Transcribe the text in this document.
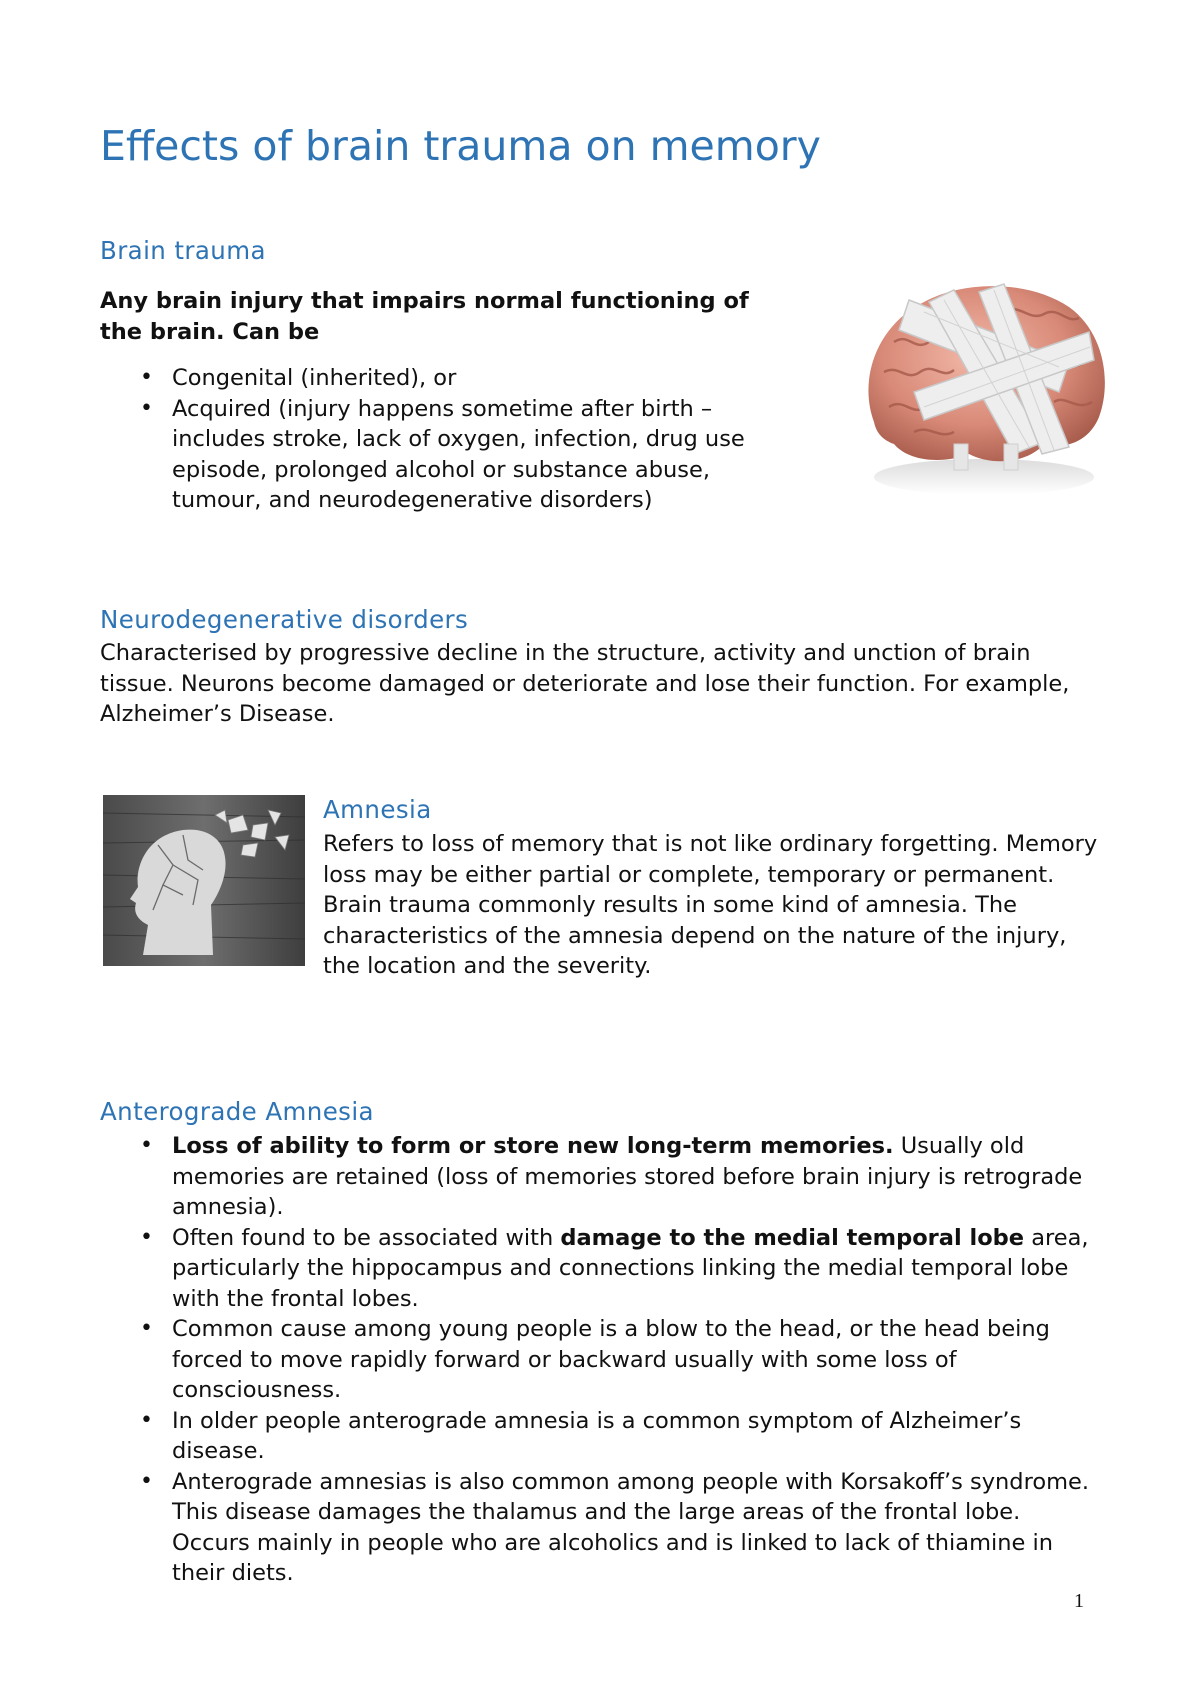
Effects of brain trauma on memory
Brain trauma

Any brain injury that impairs normal functioning of the brain. Can be

• Congenital (inherited), or
• Acquired (injury happens sometime after birth – includes stroke, lack of oxygen, infection, drug use episode, prolonged alcohol or substance abuse, tumour, and neurodegenerative disorders)
Neurodegenerative disorders

Characterised by progressive decline in the structure, activity and unction of brain tissue. Neurons become damaged or deteriorate and lose their function. For example, Alzheimer’s Disease.

Amnesia

Refers to loss of memory that is not like ordinary forgetting. Memory loss may be either partial or complete, temporary or permanent. Brain trauma commonly results in some kind of amnesia. The characteristics of the amnesia depend on the nature of the injury, the location and the severity.

Anterograde Amnesia
• Loss of ability to form or store new long-term memories. Usually old memories are retained (loss of memories stored before brain injury is retrograde amnesia).
• Often found to be associated with damage to the medial temporal lobe area, particularly the hippocampus and connections linking the medial temporal lobe with the frontal lobes.
• Common cause among young people is a blow to the head, or the head being forced to move rapidly forward or backward usually with some loss of consciousness.
• In older people anterograde amnesia is a common symptom of Alzheimer’s disease.
• Anterograde amnesias is also common among people with Korsakoff’s syndrome. This disease damages the thalamus and the large areas of the frontal lobe. Occurs mainly in people who are alcoholics and is linked to lack of thiamine in their diets.
1
